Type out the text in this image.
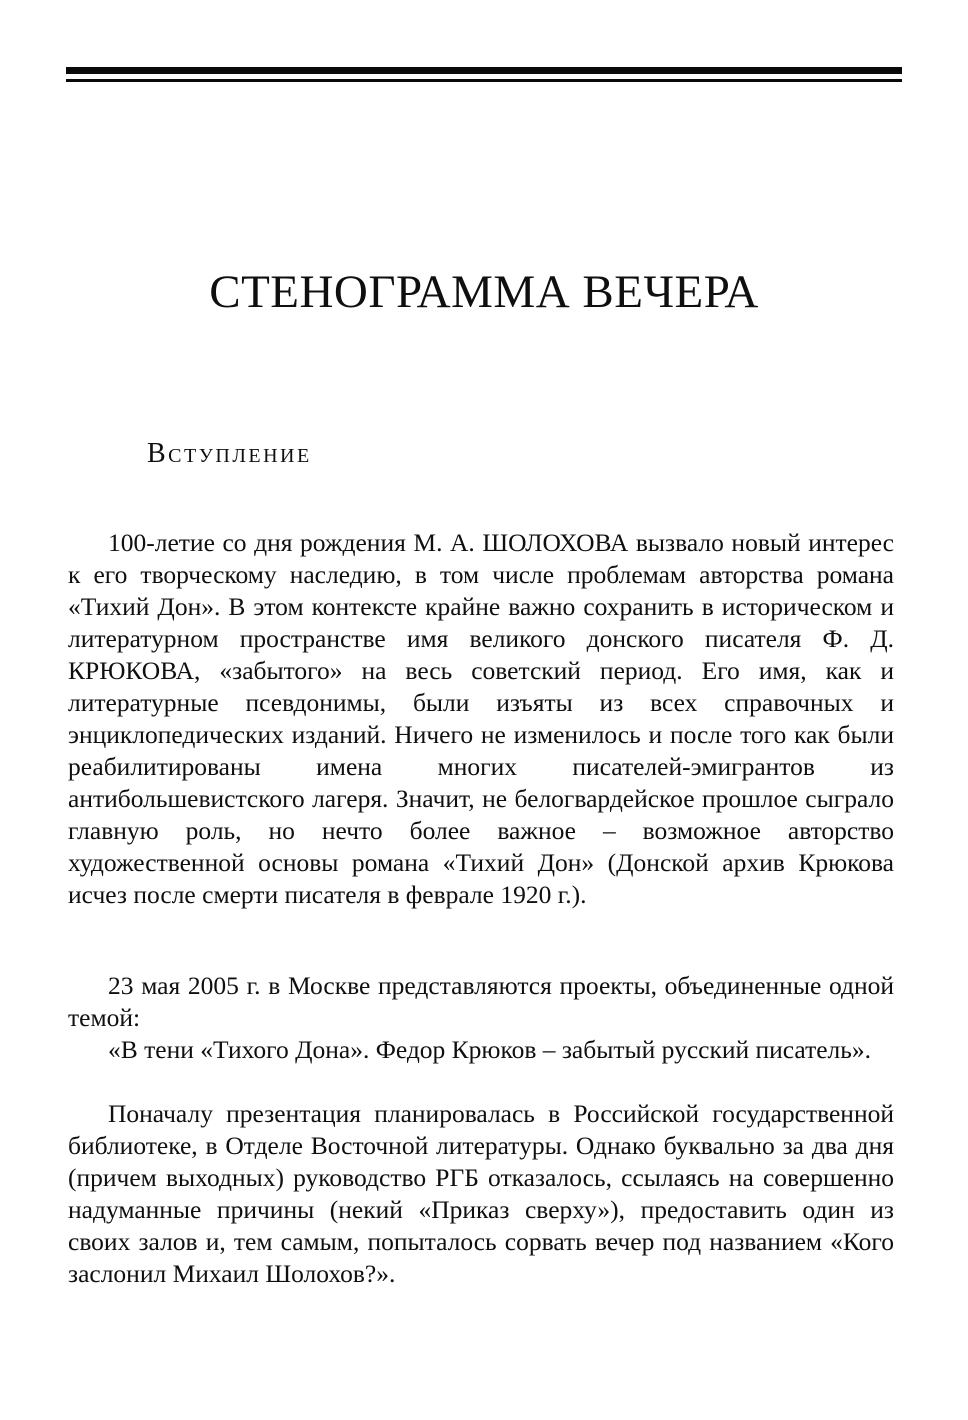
СТЕНОГРАММА ВЕЧЕРА
Вступление

100-летие со дня рождения М. А. ШОЛОХОВА вызвало новый интерес к его творческому наследию, в том числе проблемам авторства романа «Тихий Дон». В этом контексте крайне важно сохранить в историческом и литературном пространстве имя великого донского писателя Ф. Д. КРЮКОВА, «забытого» на весь советский период. Его имя, как и литературные псевдонимы, были изъяты из всех справочных и энциклопедических изданий. Ничего не изменилось и после того как были реабилитированы имена многих писателей-эмигрантов из антибольшевистского лагеря. Значит, не белогвардейское прошлое сыграло главную роль, но нечто более важное – возможное авторство художественной основы романа «Тихий Дон» (Донской архив Крюкова исчез после смерти писателя в феврале 1920 г.).

23 мая 2005 г. в Москве представляются проекты, объединенные одной темой:

«В тени «Тихого Дона». Федор Крюков – забытый русский писатель».

Поначалу презентация планировалась в Российской государственной библиотеке, в Отделе Восточной литературы. Однако буквально за два дня (причем выходных) руководство РГБ отказалось, ссылаясь на совершенно надуманные причины (некий «Приказ сверху»), предоставить один из своих залов и, тем самым, попыталось сорвать вечер под названием «Кого заслонил Михаил Шолохов?».
